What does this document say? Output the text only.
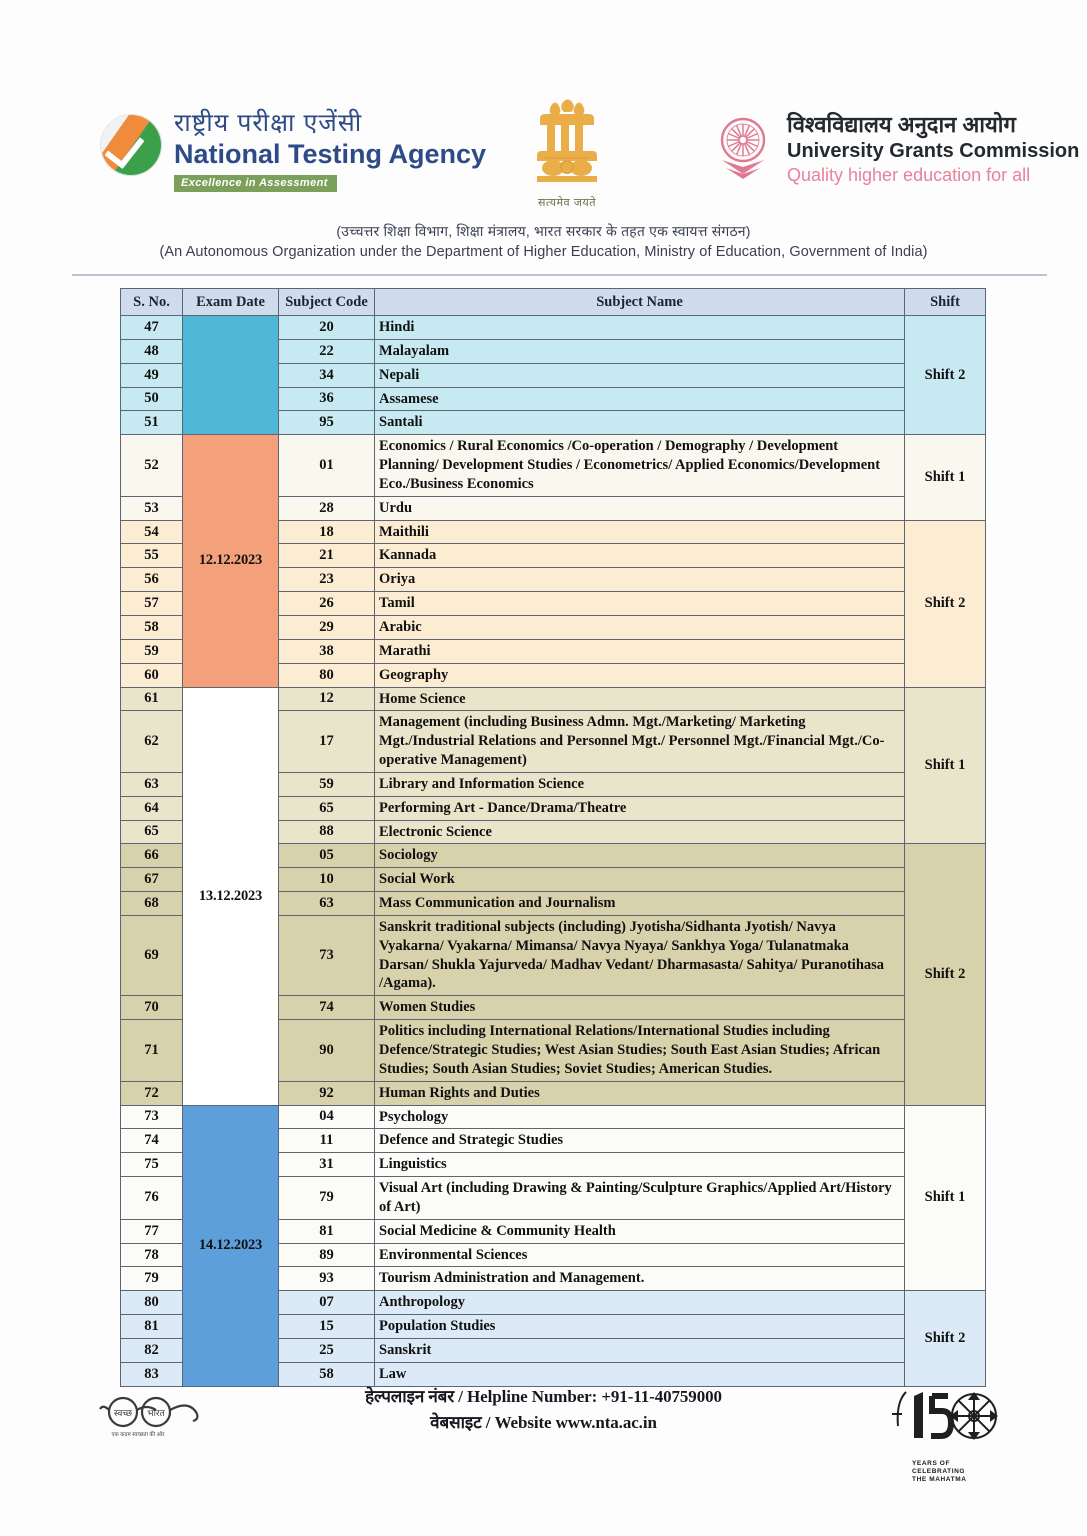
राष्ट्रीय परीक्षा एजेंसी
National Testing Agency
Excellence in Assessment
सत्यमेव जयते
विश्वविद्यालय अनुदान आयोग
University Grants Commission
Quality higher education for all
(उच्चत्तर शिक्षा विभाग, शिक्षा मंत्रालय, भारत सरकार के तहत एक स्वायत्त संगठन)
(An Autonomous Organization under the Department of Higher Education, Ministry of Education, Government of India)
S. No.	Exam Date	Subject Code	Subject Name	Shift
47		20	Hindi	Shift 2
48		22	Malayalam	
49		34	Nepali	
50		36	Assamese	
51		95	Santali	
52	12.12.2023	01	Economics / Rural Economics /Co-operation / Demography / Development Planning/ Development Studies / Econometrics/ Applied Economics/Development Eco./Business Economics	Shift 1
53		28	Urdu	
54		18	Maithili	Shift 2
55		21	Kannada	
56		23	Oriya	
57		26	Tamil	
58		29	Arabic	
59		38	Marathi	
60		80	Geography	
61	13.12.2023	12	Home Science	Shift 1
62		17	Management (including Business Admn. Mgt./Marketing/ Marketing Mgt./Industrial Relations and Personnel Mgt./ Personnel Mgt./Financial Mgt./Co-operative Management)	
63		59	Library and Information Science	
64		65	Performing Art - Dance/Drama/Theatre	
65		88	Electronic Science	
66		05	Sociology	Shift 2
67		10	Social Work	
68		63	Mass Communication and Journalism	
69		73	Sanskrit traditional subjects (including) Jyotisha/Sidhanta Jyotish/ Navya Vyakarna/ Vyakarna/ Mimansa/ Navya Nyaya/ Sankhya Yoga/ Tulanatmaka Darsan/ Shukla Yajurveda/ Madhav Vedant/ Dharmasasta/ Sahitya/ Puranotihasa /Agama).	
70		74	Women Studies	
71		90	Politics including International Relations/International Studies including Defence/Strategic Studies; West Asian Studies; South East Asian Studies; African Studies; South Asian Studies; Soviet Studies; American Studies.	
72		92	Human Rights and Duties	
73	14.12.2023	04	Psychology	Shift 1
74		11	Defence and Strategic Studies	
75		31	Linguistics	
76		79	Visual Art (including Drawing & Painting/Sculpture Graphics/Applied Art/History of Art)	
77		81	Social Medicine & Community Health	
78		89	Environmental Sciences	
79		93	Tourism Administration and Management.	
80		07	Anthropology	Shift 2
81		15	Population Studies	
82		25	Sanskrit	
83		58	Law	
स्वच्छ भारत
एक कदम स्वच्छता की ओर
हेल्पलाइन नंबर / Helpline Number: +91-11-40759000
वेबसाइट / Website www.nta.ac.in
YEARS OF
CELEBRATING
THE MAHATMA
